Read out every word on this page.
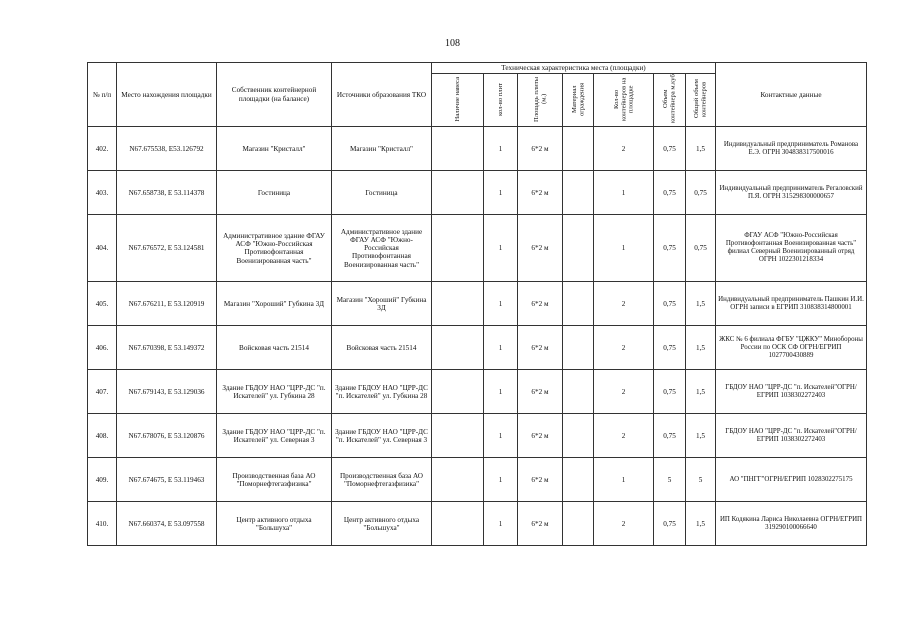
108
№ п/п	Место нахождения площадки	Собственник контейнерной площадки (на балансе)	Источники образования ТКО	Техническая характеристика места (площадки)							Контактные данные
				Наличие навеса	кол-во плит	Площадь плиты (м.)	Материал ограждения	Кол-во контейнеров на площадке	Объем контейнера м.куб	Общий объем контейнеров	
402.	N67.675538, E53.126792	Магазин "Кристалл"	Магазин "Кристалл"		1	6*2 м		2	0,75	1,5	Индивидуальный предприниматель Романова Е.Э. ОГРН 304838317500016
403.	N67.658738, E 53.114378	Гостиница	Гостиница		1	6*2 м		1	0,75	0,75	Индивидуальный предприниматель Регаловский П.Я. ОГРН 315298300000657
404.	N67.676572, E 53.124581	Административное здание ФГАУ АСФ "Южно-Российская Противофонтанная Военизированная часть"	Административное здание ФГАУ АСФ "Южно-Российская Противофонтанная Военизированная часть"		1	6*2 м		1	0,75	0,75	ФГАУ АСФ "Южно-Российская Противофонтанная Военизированная часть" филиал Северный Военизированный отряд ОГРН 1022301218334
405.	N67.676211, E 53.120919	Магазин "Хороший" Губкина 3Д	Магазин "Хороший" Губкина 3Д		1	6*2 м		2	0,75	1,5	Индивидуальный предприниматель Пашкин И.И. ОГРН записи в ЕГРИП 310838314800001
406.	N67.670398, E 53.149372	Войсковая часть 21514	Войсковая часть 21514		1	6*2 м		2	0,75	1,5	ЖКС № 6 филиала ФГБУ "ЦЖКУ" Минобороны России по ОСК СФ ОГРН/ЕГРИП 1027700430889
407.	N67.679143, E 53.129036	Здание ГБДОУ НАО "ЦРР-ДС "п. Искателей" ул. Губкина 28	Здание ГБДОУ НАО "ЦРР-ДС "п. Искателей" ул. Губкина 28		1	6*2 м		2	0,75	1,5	ГБДОУ НАО "ЦРР-ДС "п. Искателей"ОГРН/ЕГРИП 1038302272403
408.	N67.678076, E 53.120876	Здание ГБДОУ НАО "ЦРР-ДС "п. Искателей" ул. Северная 3	Здание ГБДОУ НАО "ЦРР-ДС "п. Искателей" ул. Северная 3		1	6*2 м		2	0,75	1,5	ГБДОУ НАО "ЦРР-ДС "п. Искателей"ОГРН/ЕГРИП 1038302272403
409.	N67.674675, E 53.119463	Производственная база АО "Поморнефтегазфизика"	Производственная база АО "Поморнефтегазфизика"		1	6*2 м		1	5	5	АО "ПНГГ"ОГРН/ЕГРИП 1028302275175
410.	N67.660374, E 53.097558	Центр активного отдыха "Большуха"	Центр активного отдыха "Большуха"		1	6*2 м		2	0,75	1,5	ИП Кодякина Лариса Николаевна ОГРН/ЕГРИП 319290100066640
